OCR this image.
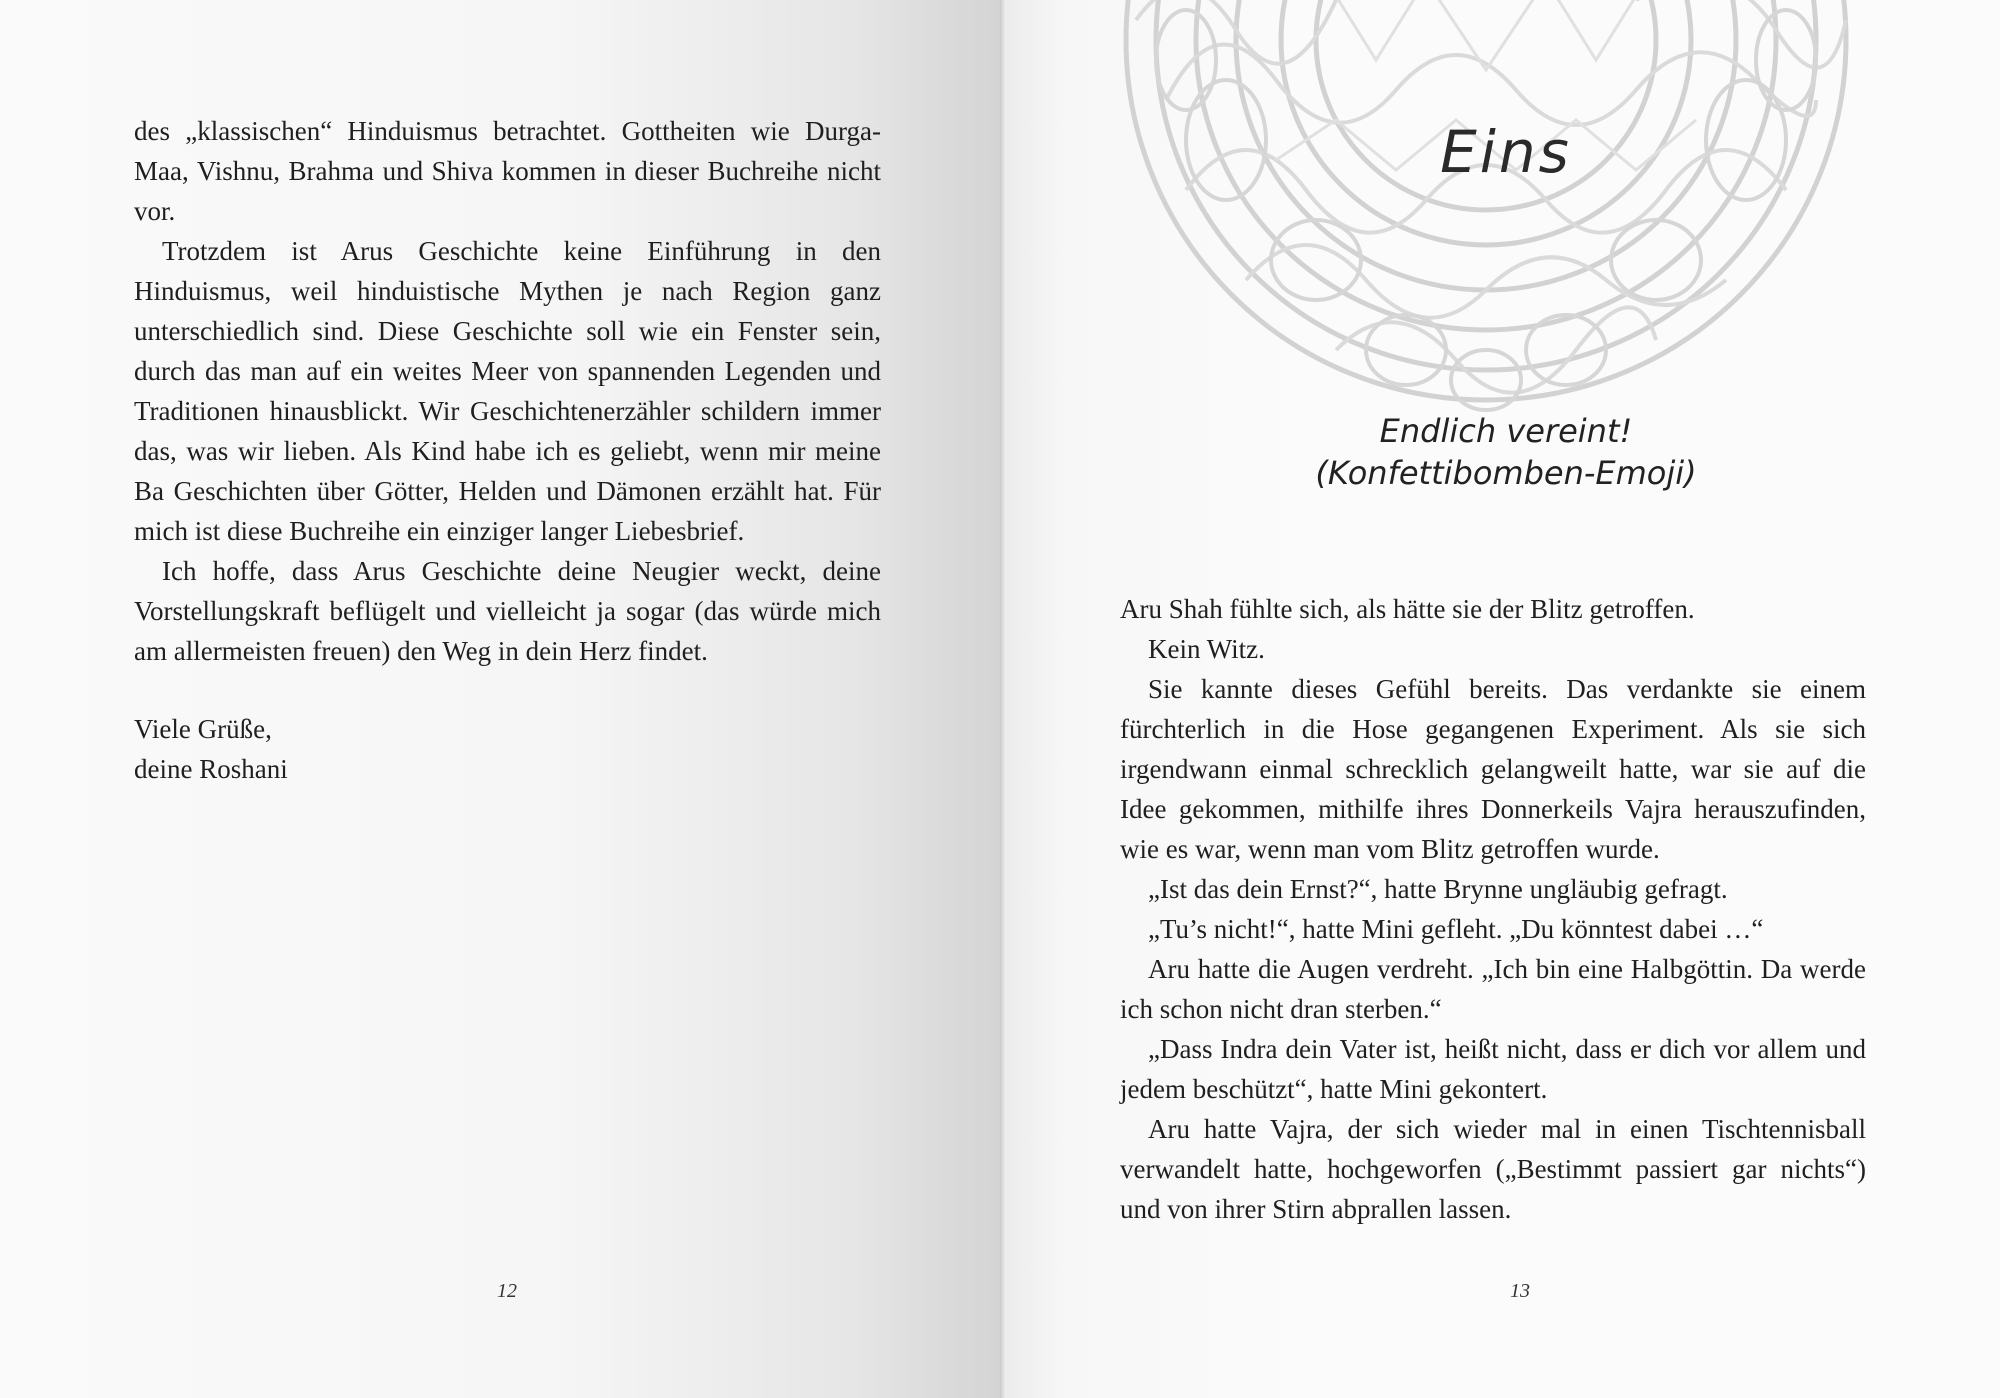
des „klassischen“ Hinduismus betrachtet. Gottheiten wie Durga-Maa, Vishnu, Brahma und Shiva kommen in dieser Buchreihe nicht vor.

Trotzdem ist Arus Geschichte keine Einführung in den Hinduismus, weil hinduistische Mythen je nach Region ganz unterschiedlich sind. Diese Geschichte soll wie ein Fenster sein, durch das man auf ein weites Meer von spannenden Legenden und Traditionen hinausblickt. Wir Geschichtenerzähler schildern immer das, was wir lieben. Als Kind habe ich es geliebt, wenn mir meine Ba Geschichten über Götter, Helden und Dämonen erzählt hat. Für mich ist diese Buchreihe ein einziger langer Liebesbrief.

Ich hoffe, dass Arus Geschichte deine Neugier weckt, deine Vorstellungskraft beflügelt und vielleicht ja sogar (das würde mich am allermeisten freuen) den Weg in dein Herz findet.

Viele Grüße,
deine Roshani
12
Eins
Endlich vereint!
(Konfettibomben-Emoji)

Aru Shah fühlte sich, als hätte sie der Blitz getroffen.

Kein Witz.

Sie kannte dieses Gefühl bereits. Das verdankte sie einem fürchterlich in die Hose gegangenen Experiment. Als sie sich irgendwann einmal schrecklich gelangweilt hatte, war sie auf die Idee gekommen, mithilfe ihres Donnerkeils Vajra herauszufinden, wie es war, wenn man vom Blitz getroffen wurde.

„Ist das dein Ernst?“, hatte Brynne ungläubig gefragt.

„Tu’s nicht!“, hatte Mini gefleht. „Du könntest dabei …“

Aru hatte die Augen verdreht. „Ich bin eine Halbgöttin. Da werde ich schon nicht dran sterben.“

„Dass Indra dein Vater ist, heißt nicht, dass er dich vor allem und jedem beschützt“, hatte Mini gekontert.

Aru hatte Vajra, der sich wieder mal in einen Tischtennisball verwandelt hatte, hochgeworfen („Bestimmt passiert gar nichts“) und von ihrer Stirn abprallen lassen.

13
